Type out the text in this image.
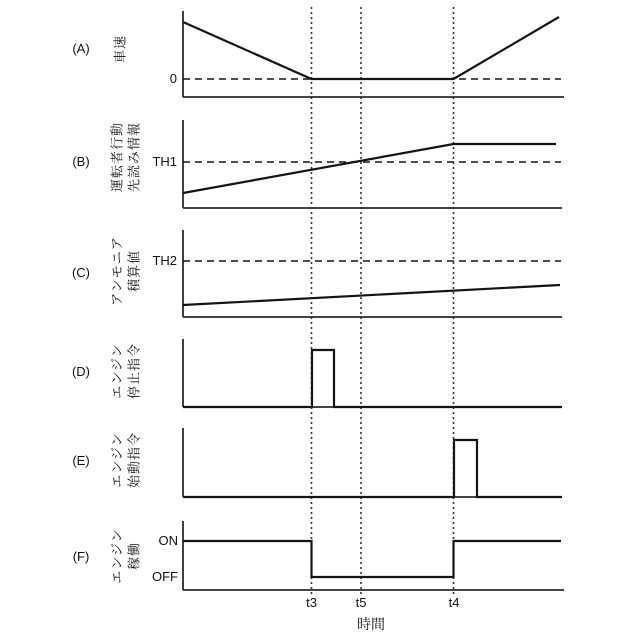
(A) 車速
0
(B) 運転者行動 先読み情報 TH1
(C) アンモニア 積算値 TH2
(D) エンジン 停止指令
(E) エンジン 始動指令
(F) エンジン 稼働
ON
OFF
t3	t5	t4
時間
